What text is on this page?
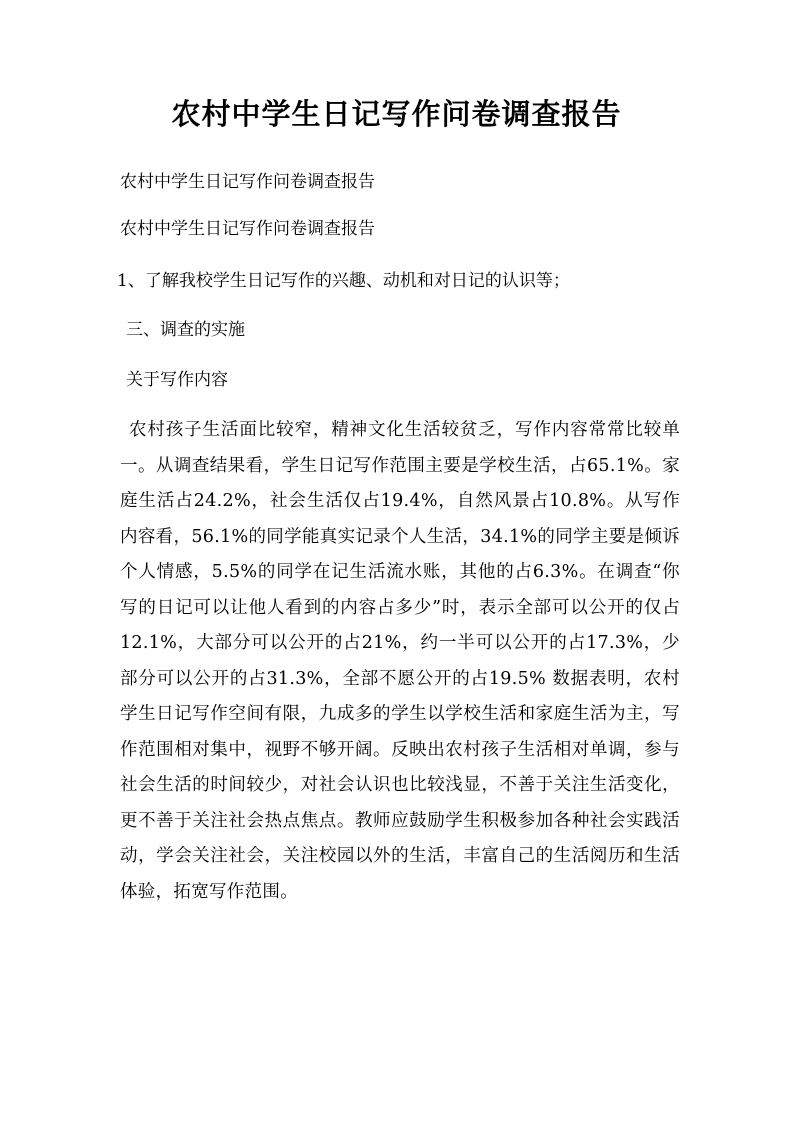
农村中学生日记写作问卷调查报告

农村中学生日记写作问卷调查报告

农村中学生日记写作问卷调查报告

1、了解我校学生日记写作的兴趣、动机和对日记的认识等；

三、调查的实施

关于写作内容

农村孩子生活面比较窄，精神文化生活较贫乏，写作内容常常比较单一。从调查结果看，学生日记写作范围主要是学校生活，占65.1%。家庭生活占24.2%，社会生活仅占19.4%，自然风景占10.8%。从写作内容看，56.1%的同学能真实记录个人生活，34.1%的同学主要是倾诉个人情感，5.5%的同学在记生活流水账，其他的占6.3%。在调查“你写的日记可以让他人看到的内容占多少”时，表示全部可以公开的仅占12.1%，大部分可以公开的占21%，约一半可以公开的占17.3%，少部分可以公开的占31.3%，全部不愿公开的占19.5% 数据表明，农村学生日记写作空间有限，九成多的学生以学校生活和家庭生活为主，写作范围相对集中，视野不够开阔。反映出农村孩子生活相对单调，参与社会生活的时间较少，对社会认识也比较浅显，不善于关注生活变化，更不善于关注社会热点焦点。教师应鼓励学生积极参加各种社会实践活动，学会关注社会，关注校园以外的生活，丰富自己的生活阅历和生活体验，拓宽写作范围。
